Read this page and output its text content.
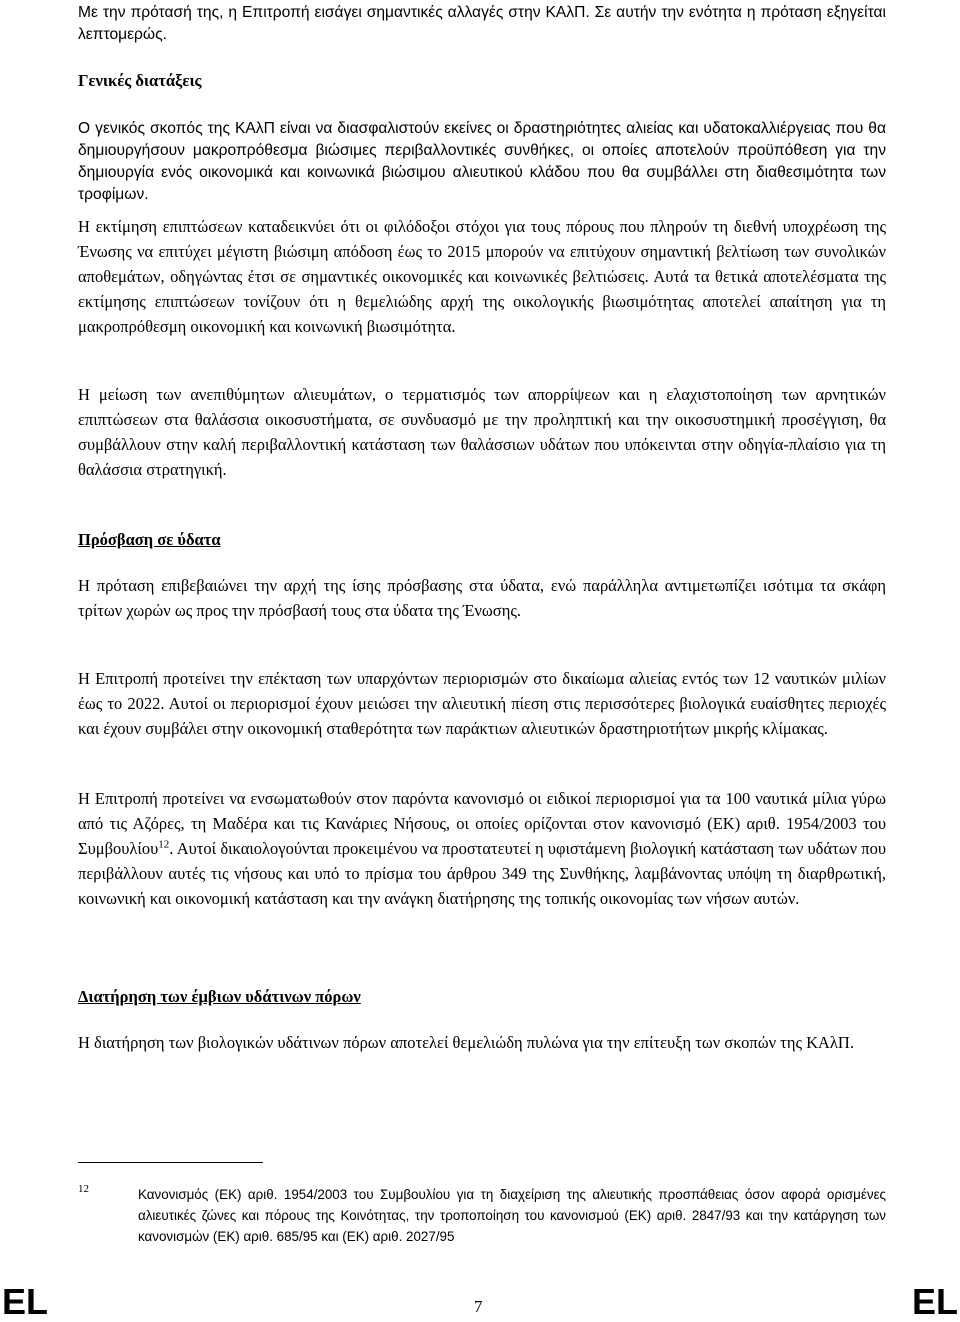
Με την πρότασή της, η Επιτροπή εισάγει σημαντικές αλλαγές στην ΚΑλΠ. Σε αυτήν την ενότητα η πρόταση εξηγείται λεπτομερώς.

Γενικές διατάξεις

Ο γενικός σκοπός της ΚΑλΠ είναι να διασφαλιστούν εκείνες οι δραστηριότητες αλιείας και υδατοκαλλιέργειας που θα δημιουργήσουν μακροπρόθεσμα βιώσιμες περιβαλλοντικές συνθήκες, οι οποίες αποτελούν προϋπόθεση για την δημιουργία ενός οικονομικά και κοινωνικά βιώσιμου αλιευτικού κλάδου που θα συμβάλλει στη διαθεσιμότητα των τροφίμων.

Η εκτίμηση επιπτώσεων καταδεικνύει ότι οι φιλόδοξοι στόχοι για τους πόρους που πληρούν τη διεθνή υποχρέωση της Ένωσης να επιτύχει μέγιστη βιώσιμη απόδοση έως το 2015 μπορούν να επιτύχουν σημαντική βελτίωση των συνολικών αποθεμάτων, οδηγώντας έτσι σε σημαντικές οικονομικές και κοινωνικές βελτιώσεις. Αυτά τα θετικά αποτελέσματα της εκτίμησης επιπτώσεων τονίζουν ότι η θεμελιώδης αρχή της οικολογικής βιωσιμότητας αποτελεί απαίτηση για τη μακροπρόθεσμη οικονομική και κοινωνική βιωσιμότητα.

Η μείωση των ανεπιθύμητων αλιευμάτων, ο τερματισμός των απορρίψεων και η ελαχιστοποίηση των αρνητικών επιπτώσεων στα θαλάσσια οικοσυστήματα, σε συνδυασμό με την προληπτική και την οικοσυστημική προσέγγιση, θα συμβάλλουν στην καλή περιβαλλοντική κατάσταση των θαλάσσιων υδάτων που υπόκεινται στην οδηγία-πλαίσιο για τη θαλάσσια στρατηγική.

Πρόσβαση σε ύδατα

Η πρόταση επιβεβαιώνει την αρχή της ίσης πρόσβασης στα ύδατα, ενώ παράλληλα αντιμετωπίζει ισότιμα τα σκάφη τρίτων χωρών ως προς την πρόσβασή τους στα ύδατα της Ένωσης.

Η Επιτροπή προτείνει την επέκταση των υπαρχόντων περιορισμών στο δικαίωμα αλιείας εντός των 12 ναυτικών μιλίων έως το 2022. Αυτοί οι περιορισμοί έχουν μειώσει την αλιευτική πίεση στις περισσότερες βιολογικά ευαίσθητες περιοχές και έχουν συμβάλει στην οικονομική σταθερότητα των παράκτιων αλιευτικών δραστηριοτήτων μικρής κλίμακας.

Η Επιτροπή προτείνει να ενσωματωθούν στον παρόντα κανονισμό οι ειδικοί περιορισμοί για τα 100 ναυτικά μίλια γύρω από τις Αζόρες, τη Μαδέρα και τις Κανάριες Νήσους, οι οποίες ορίζονται στον κανονισμό (ΕΚ) αριθ. 1954/2003 του Συμβουλίου$^{12}$. Αυτοί δικαιολογούνται προκειμένου να προστατευτεί η υφιστάμενη βιολογική κατάσταση των υδάτων που περιβάλλουν αυτές τις νήσους και υπό το πρίσμα του άρθρου 349 της Συνθήκης, λαμβάνοντας υπόψη τη διαρθρωτική, κοινωνική και οικονομική κατάσταση και την ανάγκη διατήρησης της τοπικής οικονομίας των νήσων αυτών.

Διατήρηση των έμβιων υδάτινων πόρων

Η διατήρηση των βιολογικών υδάτινων πόρων αποτελεί θεμελιώδη πυλώνα για την επίτευξη των σκοπών της ΚΑλΠ.

12	Κανονισμός (ΕΚ) αριθ. 1954/2003 του Συμβουλίου για τη διαχείριση της αλιευτικής προσπάθειας όσον αφορά ορισμένες αλιευτικές ζώνες και πόρους της Κοινότητας, την τροποποίηση του κανονισμού (ΕΚ) αριθ. 2847/93 και την κατάργηση των κανονισμών (ΕΚ) αριθ. 685/95 και (ΕΚ) αριθ. 2027/95

EL	7	EL
